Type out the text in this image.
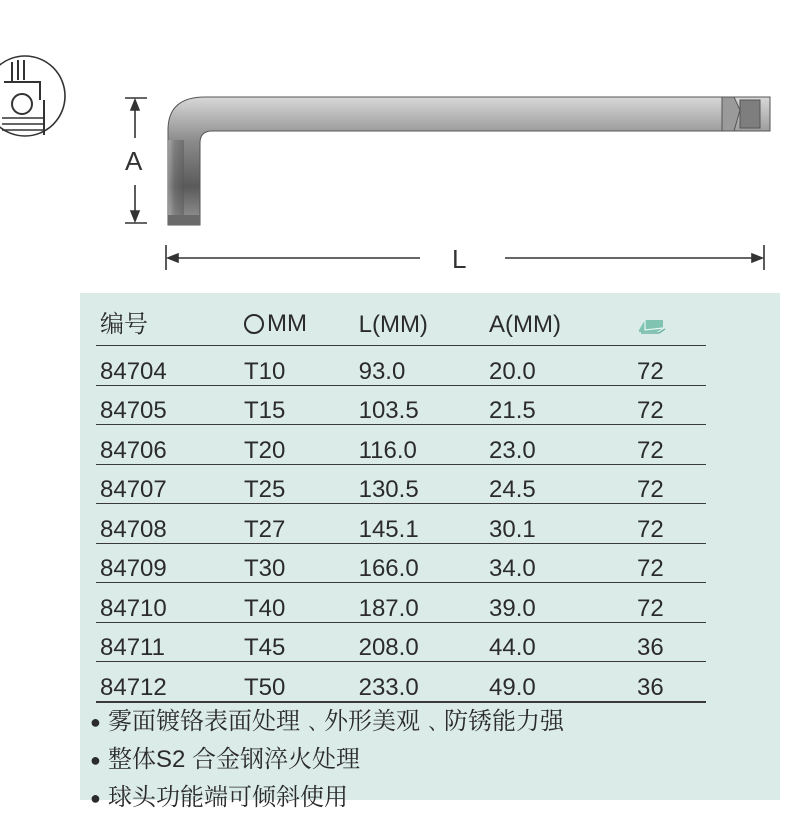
A
L
编号	MM	L(MM)	A(MM)	
84704	T10	93.0	20.0	72
84705	T15	103.5	21.5	72
84706	T20	116.0	23.0	72
84707	T25	130.5	24.5	72
84708	T27	145.1	30.1	72
84709	T30	166.0	34.0	72
84710	T40	187.0	39.0	72
84711	T45	208.0	44.0	36
84712	T50	233.0	49.0	36
● 雾面镀铬表面处理﹑外形美观﹑防锈能力强
● 整体S2 合金钢淬火处理
● 球头功能端可倾斜使用
